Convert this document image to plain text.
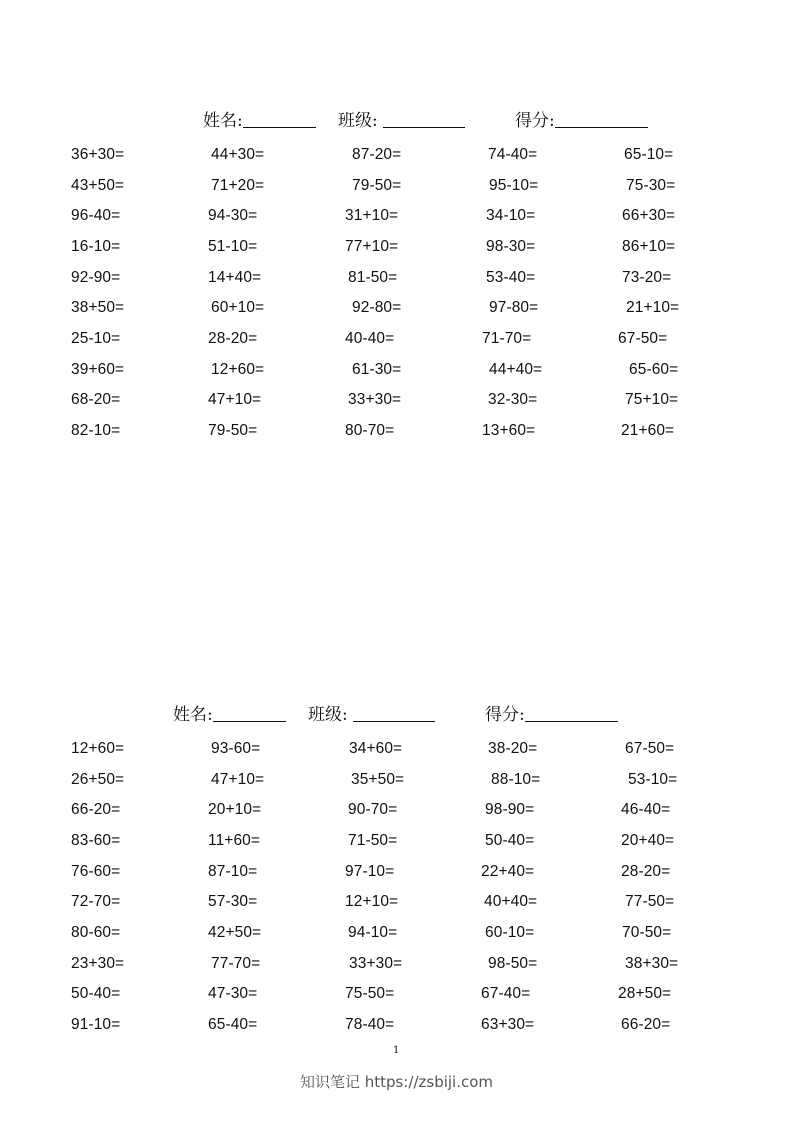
姓名:	班级:	得分:
36+30=	44+30=	87-20=	74-40=	65-10=
43+50=	71+20=	79-50=	95-10=	75-30=
96-40=	94-30=	31+10=	34-10=	66+30=
16-10=	51-10=	77+10=	98-30=	86+10=
92-90=	14+40=	81-50=	53-40=	73-20=
38+50=	60+10=	92-80=	97-80=	21+10=
25-10=	28-20=	40-40=	71-70=	67-50=
39+60=	12+60=	61-30=	44+40=	65-60=
68-20=	47+10=	33+30=	32-30=	75+10=
82-10=	79-50=	80-70=	13+60=	21+60=
姓名:	班级:	得分:
12+60=	93-60=	34+60=	38-20=	67-50=
26+50=	47+10=	35+50=	88-10=	53-10=
66-20=	20+10=	90-70=	98-90=	46-40=
83-60=	11+60=	71-50=	50-40=	20+40=
76-60=	87-10=	97-10=	22+40=	28-20=
72-70=	57-30=	12+10=	40+40=	77-50=
80-60=	42+50=	94-10=	60-10=	70-50=
23+30=	77-70=	33+30=	98-50=	38+30=
50-40=	47-30=	75-50=	67-40=	28+50=
91-10=	65-40=	78-40=	63+30=	66-20=
1
知识笔记 https://zsbiji.com
